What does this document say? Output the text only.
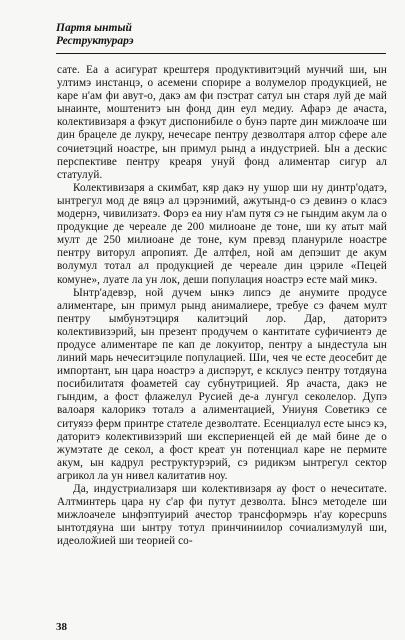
Партя ынтый
Реструктурарэ

сате. Еа а асигурат крештеря продуктивитэций мунчий ши, ын ултимэ инстанцэ, о асемени спорире а волумелор продукцией, не каре н'ам фи авут-о, дакэ ам фи пэстрат сатул ын старя луй де май ынаинте, моштенитэ ын фонд дин еул медиу. Афарэ де ачаста, колективизаря а фэкут диспонибиле о бунэ парте дин мижлоаче ши дин брацеле де лукру, нечесаре пентру дезволтаря алтор сфере але сочиетэций ноастре, ын примул рынд а индустрией. Ын а дескис перспективе пентру креаря унуй фонд алиментар сигур ал статулуй.

Колективизаря а скимбат, кяр дакэ ну ушор ши ну динтр'одатэ, ынтрегул мод де вяцэ ал цэрэнимий, ажутынд-о сэ девинэ о класэ модернэ, чивилизатэ. Форэ еа ниу н'ам путя сэ не гындим акум ла о продукцие де череале де 200 милиоане де тоне, ши ку атыт май мулт де 250 милиоане де тоне, кум превэд плануриле ноастре пентру виторул апропият. Де алтфел, ной ам депэшит де акум волумул тотал ал продукцией де череале дин цэриле «Пецей комуне», луате ла ун лок, деши популация ноастрэ есте май микэ.

Ынтр'адевэр, ной дучем ынкэ липсэ де анумите продусе алиментаре, ын примул рынд анималиере, требуе сэ фачем мулт пентру ымбунэтэциря калитэций лор. Дар, даторитэ колективизэрий, ын презент продучем о кантитате суфичиентэ де продусе алиментаре пе кап де локуитор, пентру а ындестула ын линий марь нечеситэциле популацией. Ши, чея че есте деосебит де импортант, ын цара ноастрэ а диспэрут, е ксклусэ пентру тотдяуна посибилитатя фоаметей сау субнутрицией. Яр ачаста, дакэ не гындим, а фост флажелул Русией де-а лунгул секолелор. Дупэ валоаря калорикэ тоталэ а алиментацией, Униуня Советикэ се ситуязэ ферм принтре стателе дезволтате. Есенциалул есте ынсэ кэ, даторитэ колективизэрий ши експериенцей ей де май бине де о жумэтате де секол, а фост креат ун потенциал каре не пермите акум, ын кадрул реструктурэрий, сэ ридикэм ынтрегул сектор агрикол ла ун нивел калитатив ноу.

Да, индустриализаря ши колективизаря ау фост о нечеситате. Алтминтерь цара ну с'ар фи путут дезволта. Ынсэ методеле ши мижлоачеле ынфэптуирий ачестор трансформэрь н'ау коресpuns ынтотдяуна ши ынтру тотул принчиниилор сочиализмулуй ши, идеолоӂией ши теорией со-

38
